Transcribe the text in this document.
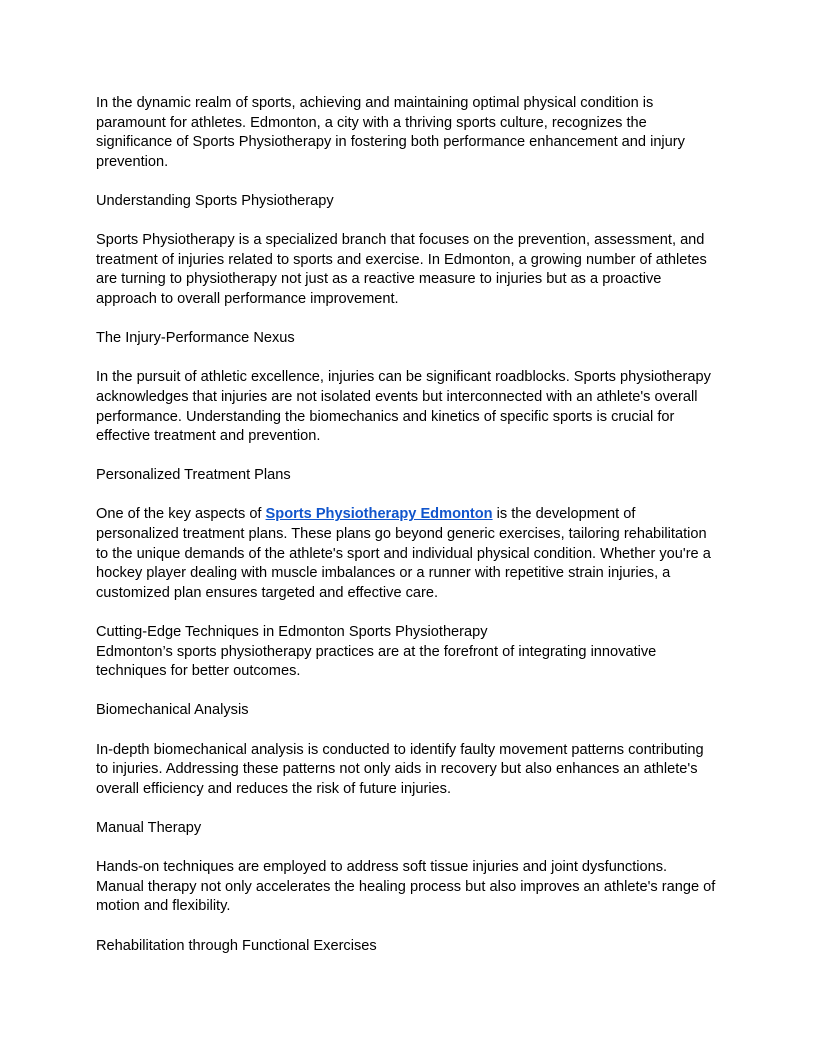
In the dynamic realm of sports, achieving and maintaining optimal physical condition is
paramount for athletes. Edmonton, a city with a thriving sports culture, recognizes the
significance of Sports Physiotherapy in fostering both performance enhancement and injury
prevention.

Understanding Sports Physiotherapy

Sports Physiotherapy is a specialized branch that focuses on the prevention, assessment, and
treatment of injuries related to sports and exercise. In Edmonton, a growing number of athletes
are turning to physiotherapy not just as a reactive measure to injuries but as a proactive
approach to overall performance improvement.

The Injury-Performance Nexus

In the pursuit of athletic excellence, injuries can be significant roadblocks. Sports physiotherapy
acknowledges that injuries are not isolated events but interconnected with an athlete's overall
performance. Understanding the biomechanics and kinetics of specific sports is crucial for
effective treatment and prevention.

Personalized Treatment Plans

One of the key aspects of Sports Physiotherapy Edmonton is the development of
personalized treatment plans. These plans go beyond generic exercises, tailoring rehabilitation
to the unique demands of the athlete's sport and individual physical condition. Whether you're a
hockey player dealing with muscle imbalances or a runner with repetitive strain injuries, a
customized plan ensures targeted and effective care.

Cutting-Edge Techniques in Edmonton Sports Physiotherapy

Edmonton’s sports physiotherapy practices are at the forefront of integrating innovative
techniques for better outcomes.

Biomechanical Analysis

In-depth biomechanical analysis is conducted to identify faulty movement patterns contributing
to injuries. Addressing these patterns not only aids in recovery but also enhances an athlete's
overall efficiency and reduces the risk of future injuries.

Manual Therapy

Hands-on techniques are employed to address soft tissue injuries and joint dysfunctions.
Manual therapy not only accelerates the healing process but also improves an athlete's range of
motion and flexibility.

Rehabilitation through Functional Exercises
